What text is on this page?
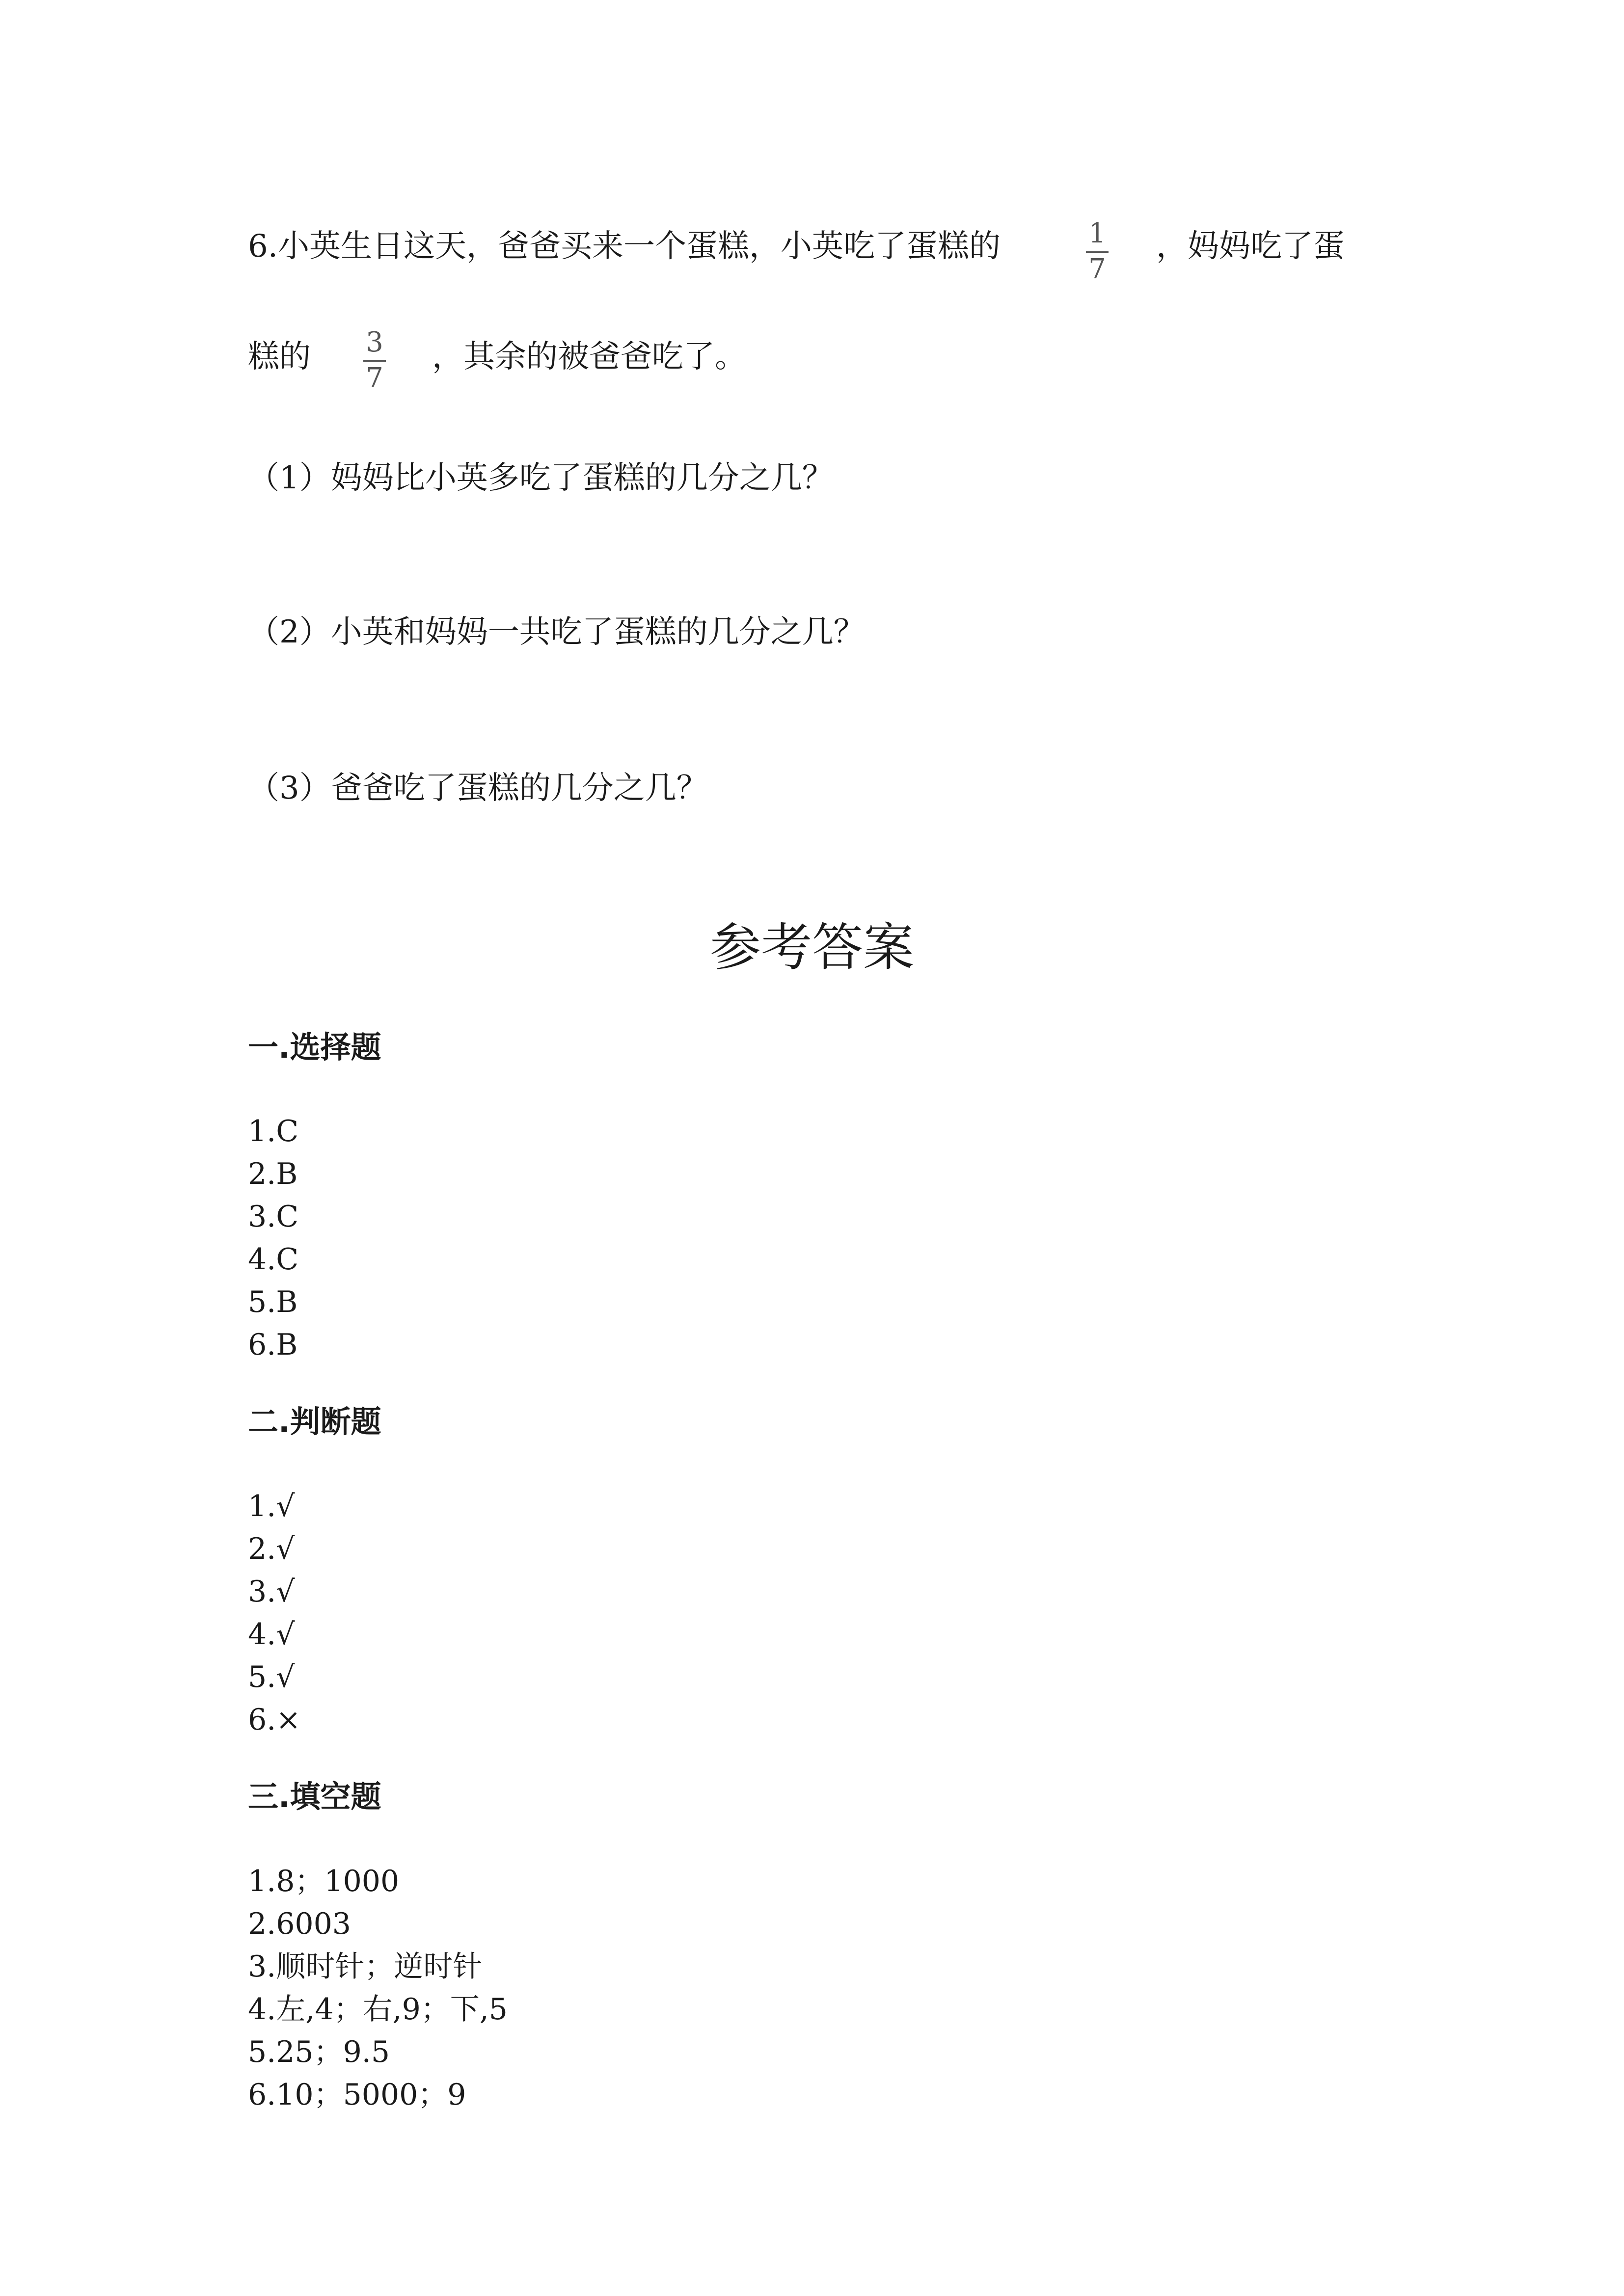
6.小英生日这天，爸爸买来一个蛋糕，小英吃了蛋糕的	1
7
，妈妈吃了蛋
糕的 3
7
，其余的被爸爸吃了。
（1）妈妈比小英多吃了蛋糕的几分之几？
（2）小英和妈妈一共吃了蛋糕的几分之几？
（3）爸爸吃了蛋糕的几分之几？
参考答案
一.选择题
1.C
2.B
3.C
4.C
5.B
6.B
二.判断题
1.√
2.√
3.√
4.√
5.√
6.×
三.填空题
1.8；1000
2.6003
3.顺时针；逆时针
4.左,4；右,9；下,5
5.25；9.5
6.10；5000；9
